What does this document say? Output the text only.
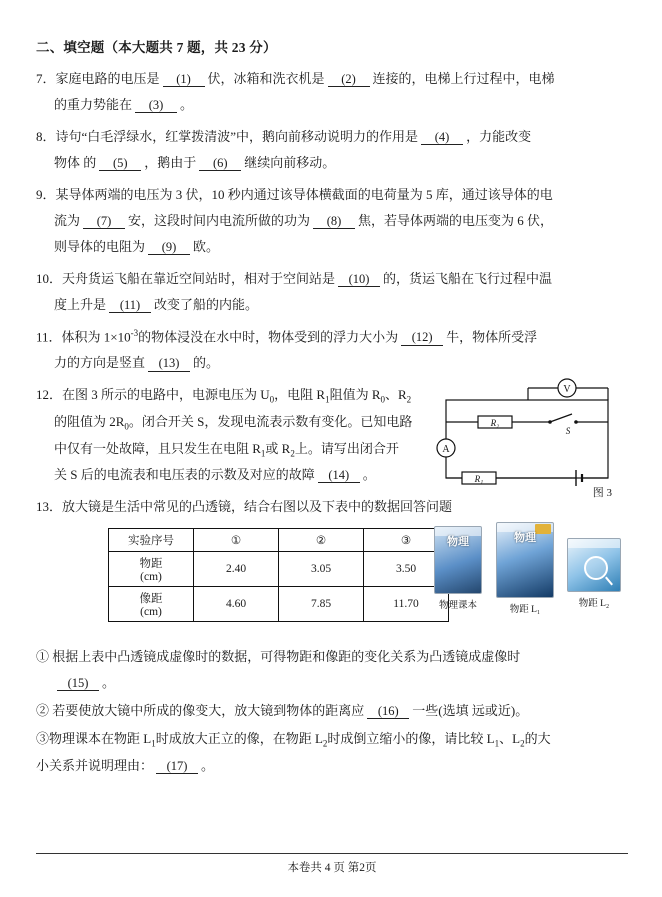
二、填空题（本大题共 7 题，共 23 分）
7．家庭电路的电压是 (1) 伏，冰箱和洗衣机是 (2) 连接的，电梯上行过程中，电梯
的重力势能在 (3) 。
8．诗句“白毛浮绿水，红掌拨清波”中，鹅向前移动说明力的作用是 (4) ，力能改变
物体 的 (5) ，鹅由于 (6) 继续向前移动。
9．某导体两端的电压为 3 伏，10 秒内通过该导体横截面的电荷量为 5 库，通过该导体的电
流为 (7) 安，这段时间内电流所做的功为 (8) 焦，若导体两端的电压变为 6 伏，
则导体的电阻为 (9) 欧。
10．天舟货运飞船在靠近空间站时，相对于空间站是 (10) 的，货运飞船在飞行过程中温
度上升是 (11) 改变了船的内能。
11．体积为 $1\times 10^{-3}$的物体浸没在水中时，物体受到的浮力大小为 (12) 牛，物体所受浮
力的方向是竖直 (13) 的。
V
R₂
S
A
R₁
图 3
12．在图 3 所示的电路中，电源电压为 $U_0$，电阻 $R_1$阻值为 $R_0$、$R_2$
的阻值为 $2R_0$。闭合开关 S，发现电流表示数有变化。已知电路
中仅有一处故障，且只发生在电阻 $R_1$或 $R_2$上。请写出闭合开
关 S 后的电流表和电压表的示数及对应的故障 (14) 。
13．放大镜是生活中常见的凸透镜，结合右图以及下表中的数据回答问题
实验序号	①	②	③

物距
(cm)	2.40	3.05	3.50

像距
(cm)	4.60	7.85	11.70
物理
物理课本
物理
物距 L₁
物距 L₂
① 根据上表中凸透镜成虚像时的数据，可得物距和像距的变化关系为凸透镜成虚像时
(15) 。
② 若要使放大镜中所成的像变大，放大镜到物体的距离应 (16) 一些(选填 远或近)。
③物理课本在物距 $L_1$时成放大正立的像，在物距 $L_2$时成倒立缩小的像，请比较 $L_1$、$L_2$的大
小关系并说明理由： (17) 。
本卷共 4 页 第2页
